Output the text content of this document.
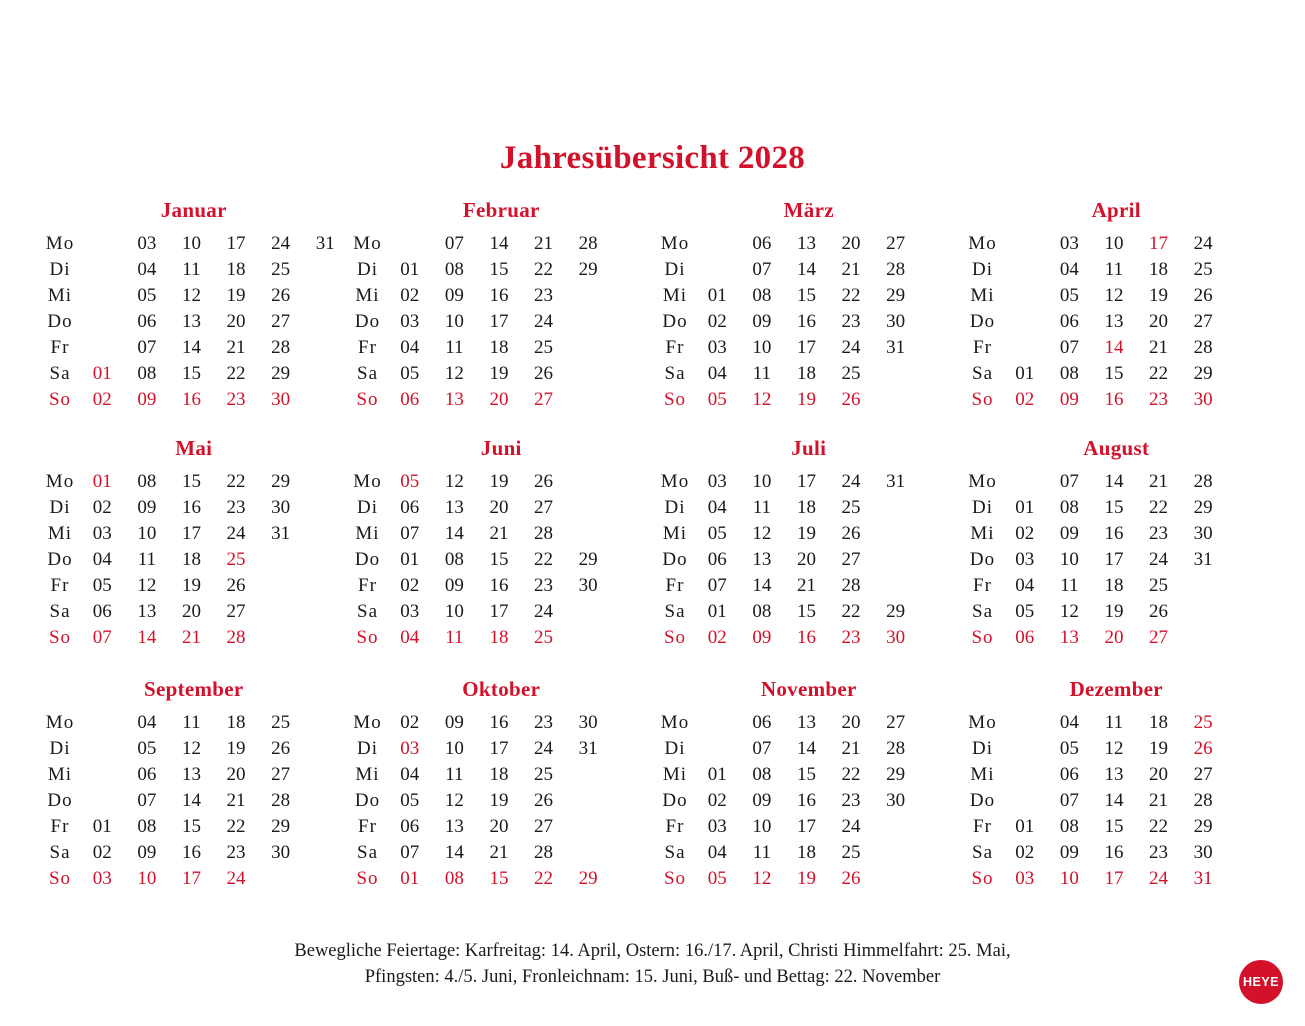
Jahresübersicht 2028
Januar
Mo		03	10	17	24	31
Di		04	11	18	25	
Mi		05	12	19	26	
Do		06	13	20	27	
Fr		07	14	21	28	
Sa	01	08	15	22	29	
So	02	09	16	23	30	
Februar
Mo		07	14	21	28	
Di	01	08	15	22	29	
Mi	02	09	16	23		
Do	03	10	17	24		
Fr	04	11	18	25		
Sa	05	12	19	26		
So	06	13	20	27		
März
Mo		06	13	20	27	
Di		07	14	21	28	
Mi	01	08	15	22	29	
Do	02	09	16	23	30	
Fr	03	10	17	24	31	
Sa	04	11	18	25		
So	05	12	19	26		
April
Mo		03	10	17	24	
Di		04	11	18	25	
Mi		05	12	19	26	
Do		06	13	20	27	
Fr		07	14	21	28	
Sa	01	08	15	22	29	
So	02	09	16	23	30	
Mai
Mo	01	08	15	22	29	
Di	02	09	16	23	30	
Mi	03	10	17	24	31	
Do	04	11	18	25		
Fr	05	12	19	26		
Sa	06	13	20	27		
So	07	14	21	28		
Juni
Mo	05	12	19	26		
Di	06	13	20	27		
Mi	07	14	21	28		
Do	01	08	15	22	29	
Fr	02	09	16	23	30	
Sa	03	10	17	24		
So	04	11	18	25		
Juli
Mo	03	10	17	24	31	
Di	04	11	18	25		
Mi	05	12	19	26		
Do	06	13	20	27		
Fr	07	14	21	28		
Sa	01	08	15	22	29	
So	02	09	16	23	30	
August
Mo		07	14	21	28	
Di	01	08	15	22	29	
Mi	02	09	16	23	30	
Do	03	10	17	24	31	
Fr	04	11	18	25		
Sa	05	12	19	26		
So	06	13	20	27		
September
Mo		04	11	18	25	
Di		05	12	19	26	
Mi		06	13	20	27	
Do		07	14	21	28	
Fr	01	08	15	22	29	
Sa	02	09	16	23	30	
So	03	10	17	24		
Oktober
Mo	02	09	16	23	30	
Di	03	10	17	24	31	
Mi	04	11	18	25		
Do	05	12	19	26		
Fr	06	13	20	27		
Sa	07	14	21	28		
So	01	08	15	22	29	
November
Mo		06	13	20	27	
Di		07	14	21	28	
Mi	01	08	15	22	29	
Do	02	09	16	23	30	
Fr	03	10	17	24		
Sa	04	11	18	25		
So	05	12	19	26		
Dezember
Mo		04	11	18	25	
Di		05	12	19	26	
Mi		06	13	20	27	
Do		07	14	21	28	
Fr	01	08	15	22	29	
Sa	02	09	16	23	30	
So	03	10	17	24	31	
Bewegliche Feiertage: Karfreitag: 14. April, Ostern: 16./17. April, Christi Himmelfahrt: 25. Mai,
Pfingsten: 4./5. Juni, Fronleichnam: 15. Juni, Buß- und Bettag: 22. November	HEYE
